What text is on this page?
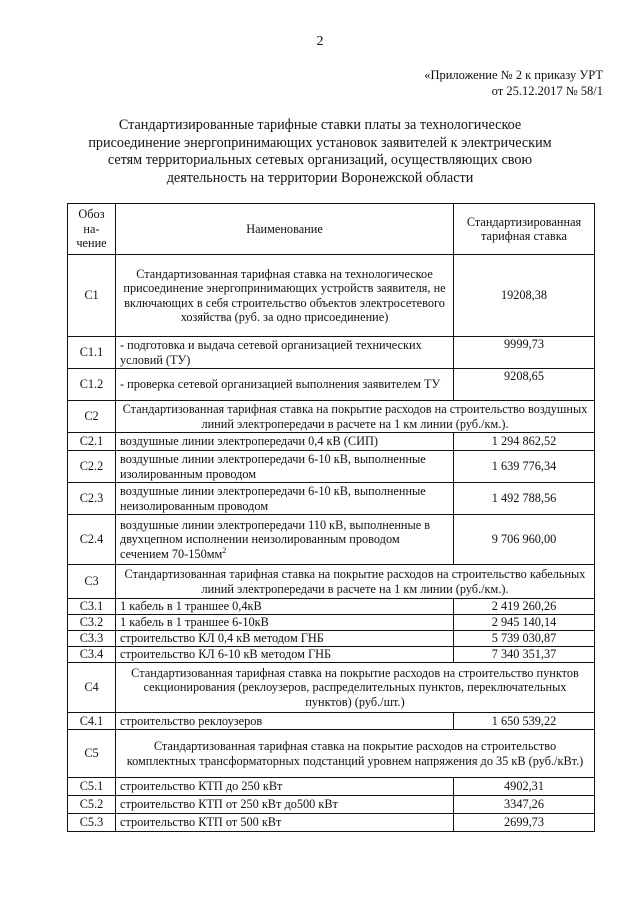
2
«Приложение № 2 к приказу УРТ
от 25.12.2017 № 58/1
Стандартизированные тарифные ставки платы за технологическое
присоединение энергопринимающих установок заявителей к электрическим
сетям территориальных сетевых организаций, осуществляющих свою
деятельность на территории Воронежской области
Обоз на- чение	Наименование	Стандартизированная тарифная ставка
C1	Стандартизованная тарифная ставка на технологическое присоединение энергопринимающих устройств заявителя, не включающих в себя строительство объектов электросетевого хозяйства (руб. за одно присоединение)	19208,38
C1.1	- подготовка и выдача сетевой организацией технических условий (ТУ)	9999,73
C1.2	- проверка сетевой организацией выполнения заявителем ТУ	9208,65
C2	Стандартизованная тарифная ставка на покрытие расходов на строительство воздушных линий электропередачи в расчете на 1 км линии (руб./км.).	
C2.1	воздушные линии электропередачи 0,4 кВ (СИП)	1 294 862,52
C2.2	воздушные линии электропередачи 6-10 кВ, выполненные изолированным проводом	1 639 776,34
C2.3	воздушные линии электропередачи 6-10 кВ, выполненные неизолированным проводом	1 492 788,56
C2.4	воздушные линии электропередачи 110 кВ, выполненные в двухцепном исполнении неизолированным проводом сечением $70-150мм^2$	9 706 960,00
C3	Стандартизованная тарифная ставка на покрытие расходов на строительство кабельных линий электропередачи в расчете на 1 км линии (руб./км.).	
C3.1	1 кабель в 1 траншее 0,4кВ	2 419 260,26
C3.2	1 кабель в 1 траншее 6-10кВ	2 945 140,14
C3.3	строительство КЛ 0,4 кВ методом ГНБ	5 739 030,87
C3.4	строительство КЛ 6-10 кВ методом ГНБ	7 340 351,37
C4	Стандартизованная тарифная ставка на покрытие расходов на строительство пунктов секционирования (реклоузеров, распределительных пунктов, переключательных пунктов) (руб./шт.)	
C4.1	строительство реклоузеров	1 650 539,22
C5	Стандартизованная тарифная ставка на покрытие расходов на строительство комплектных трансформаторных подстанций уровнем напряжения до 35 кВ (руб./кВт.)	
C5.1	строительство КТП до 250 кВт	4902,31
C5.2	строительство КТП от 250 кВт до500 кВт	3347,26
C5.3	строительство КТП от 500 кВт	2699,73
